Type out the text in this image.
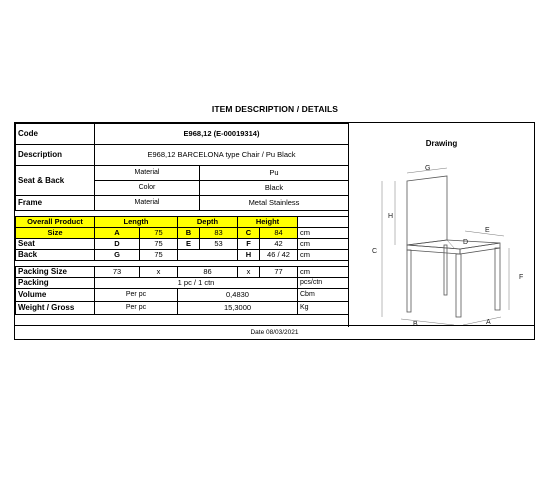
ITEM DESCRIPTION / DETAILS
Code	E968,12 (E-00019314)						
Description	E968,12 BARCELONA type Chair / Pu Black						
Seat & Back	Material			Pu			
	Color			Black			
Frame	Material			Metal Stainless			

Overall Product	Length		Depth		Height		
Size	A	75	B	83	C	84	cm
Seat	D	75	E	53	F	42	cm
Back	G	75			H	46 / 42	cm

Packing Size	73	x	86		x	77	cm
Packing	1 pc / 1 ctn						pcs/ctn
Volume	Per pc		0,4830				Cbm
Weight / Gross	Per pc		15,3000				Kg
Drawing
G
H
C
E
D
F
B	A
Date 08/03/2021
